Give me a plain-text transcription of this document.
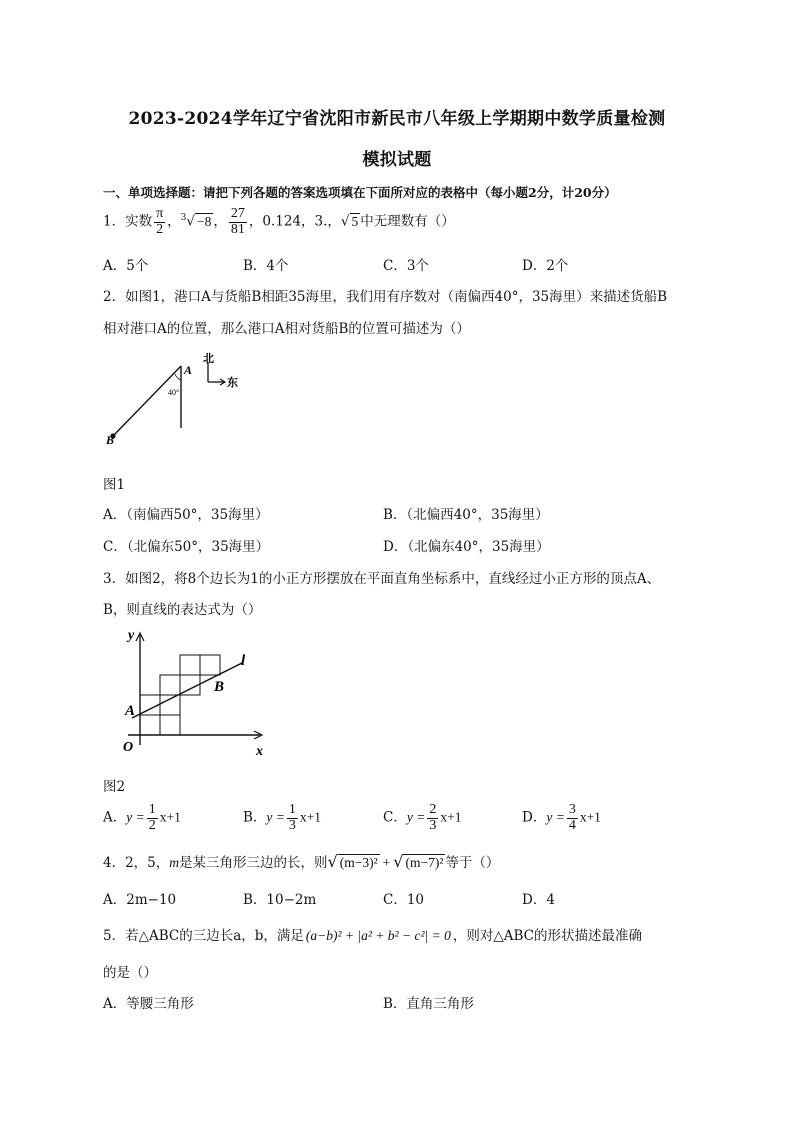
2023-2024学年辽宁省沈阳市新民市八年级上学期期中数学质量检测
模拟试题
一、单项选择题：请把下列各题的答案选项填在下面所对应的表格中（每小题2分，计20分）
1．实数 $\frac{\pi}{2}$ ，$^3$√ −8 ， $\frac{27}{81}$ ，0.124，3.，√ 5 中无理数有（）
A．5个	B．4个	C．3个	D．2个
2．如图1，港口A与货船B相距35海里，我们用有序数对（南偏西40°，35海里）来描述货船B
相对港口A的位置，那么港口A相对货船B的位置可描述为（）
A
B
40°
北
东
图1
A．（南偏西50°，35海里）	B．（北偏西40°，35海里）
C．（北偏东50°，35海里）	D．（北偏东40°，35海里）
3．如图2，将8个边长为1的小正方形摆放在平面直角坐标系中，直线经过小正方形的顶点A、
B，则直线的表达式为（）
A
B
l
y
x
O
图2
A．$y = \frac{1}{2} x+1$	B．$y = \frac{1}{3} x+1$	C．$y = \frac{2}{3} x+1$	D．$y = \frac{3}{4} x+1$
4．2，5，m是某三角形三边的长，则√ (m−3)² + √ (m−7)² 等于（）
A．2m−10	B．10−2m	C．10	D．4
5．若△ABC的三边长a，b，满足 (a−b)² + |a² + b² − c²| = 0 ，则对△ABC的形状描述最准确
的是（）
A．等腰三角形	B．直角三角形
